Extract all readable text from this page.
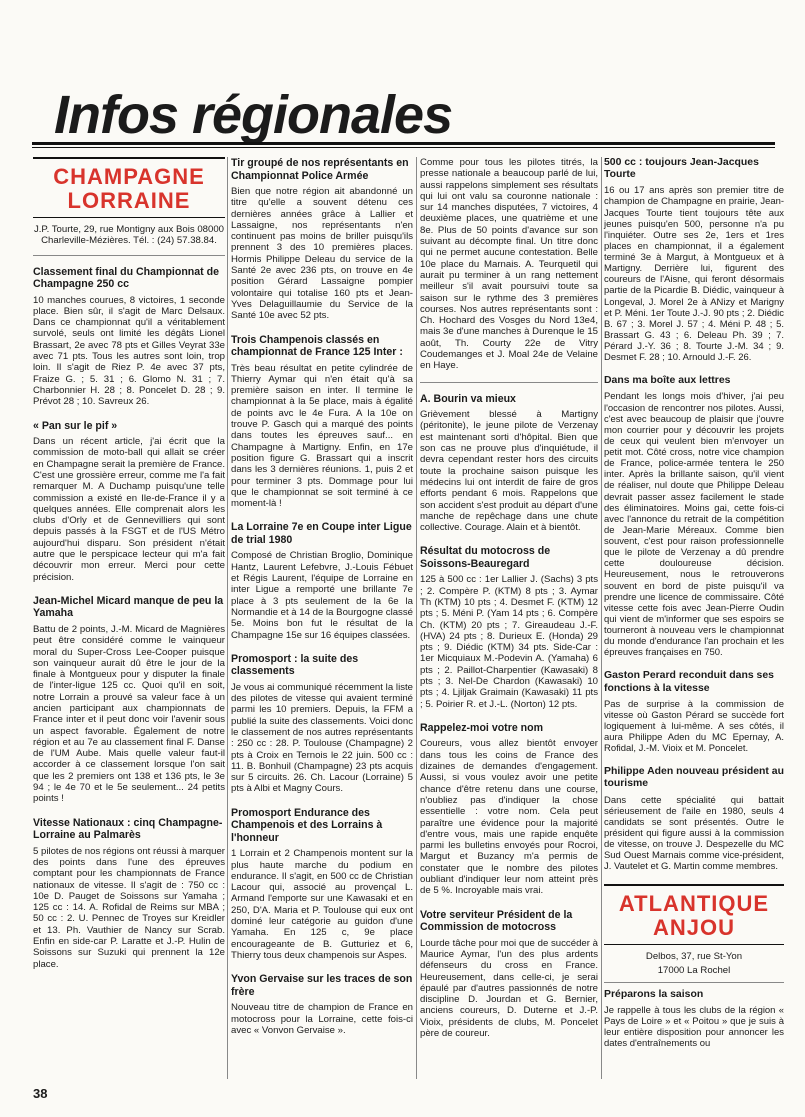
Infos régionales
CHAMPAGNE
LORRAINE
J.P. Tourte, 29, rue Montigny aux Bois 08000 Charleville-Mézières. Tél. : (24) 57.38.84.
Classement final du Championnat de Champagne 250 cc

10 manches courues, 8 victoires, 1 seconde place. Bien sûr, il s'agit de Marc Delsaux. Dans ce championnat qu'il a véritablement survolé, seuls ont limité les dégâts Lionel Brassart, 2e avec 78 pts et Gilles Veyrat 33e avec 71 pts. Tous les autres sont loin, trop loin. Il s'agit de Riez P. 4e avec 37 pts, Fraize G. ; 5. 31 ; 6. Glomo N. 31 ; 7. Charbonnier H. 28 ; 8. Poncelet D. 28 ; 9. Prévot 28 ; 10. Savreux 26.

« Pan sur le pif »

Dans un récent article, j'ai écrit que la commission de moto-ball qui allait se créer en Champagne serait la première de France. C'est une grossière erreur, comme me l'a fait remarquer M. A Duchamp puisqu'une telle commission a existé en Ile-de-France il y a quelques années. Elle comprenait alors les clubs d'Orly et de Gennevilliers qui sont depuis passés à la FSGT et de l'US Métro aujourd'hui disparu. Son président n'était autre que le perspicace lecteur qui m'a fait découvrir mon erreur. Merci pour cette précision.

Jean-Michel Micard manque de peu la Yamaha

Battu de 2 points, J.-M. Micard de Magnières peut être considéré comme le vainqueur moral du Super-Cross Lee-Cooper puisque son vainqueur aurait dû être le jour de la finale à Montgueux pour y disputer la finale de l'inter-ligue 125 cc. Quoi qu'il en soit, notre Lorrain a prouvé sa valeur face à un ancien participant aux championnats de France inter et il peut donc voir l'avenir sous un aspect favorable. Également de notre région et au 7e au classement final F. Danse de l'UM Aube. Mais quelle valeur faut-il accorder à ce classement lorsque l'on sait que les 2 premiers ont 138 et 136 pts, le 3e 94 ; le 4e 70 et le 5e seulement... 24 petits points !

Vitesse Nationaux : cinq Champagne-Lorraine au Palmarès

5 pilotes de nos régions ont réussi à marquer des points dans l'une des épreuves comptant pour les championnats de France nationaux de vitesse. Il s'agit de : 750 cc : 10e D. Pauget de Soissons sur Yamaha ; 125 cc : 14. A. Rofidal de Reims sur MBA ; 50 cc : 2. U. Pennec de Troyes sur Kreidler et 13. Ph. Vauthier de Nancy sur Scrab. Enfin en side-car P. Laratte et J.-P. Hulin de Soissons sur Suzuki qui prennent la 12e place.

Tir groupé de nos représentants en Championnat Police Armée

Bien que notre région ait abandonné un titre qu'elle a souvent détenu ces dernières années grâce à Lallier et Lassaigne, nos représentants n'en continuent pas moins de briller puisqu'ils prennent 3 des 10 premières places. Hormis Philippe Deleau du service de la Santé 2e avec 236 pts, on trouve en 4e position Gérard Lassaigne pompier volontaire qui totalise 160 pts et Jean-Yves Delaguillaumie du Service de la Santé 10e avec 52 pts.

Trois Champenois classés en championnat de France 125 Inter :

Très beau résultat en petite cylindrée de Thierry Aymar qui n'en était qu'à sa première saison en inter. Il termine le championnat à la 5e place, mais à égalité de points avc le 4e Fura. A la 10e on trouve P. Gasch qui a marqué des points dans toutes les épreuves sauf... en Champagne à Martigny. Enfin, en 17e position figure G. Brassart qui a inscrit dans les 3 dernières réunions. 1, puis 2 et pour terminer 3 pts. Dommage pour lui que le championnat se soit terminé à ce moment-là !

La Lorraine 7e en Coupe inter Ligue de trial 1980

Composé de Christian Broglio, Dominique Hantz, Laurent Lefebvre, J.-Louis Fébuet et Régis Laurent, l'équipe de Lorraine en inter Ligue a remporté une brillante 7e place à 3 pts seulement de la 6e la Normandie et à 14 de la Bourgogne classé 5e. Moins bon fut le résultat de la Champagne 15e sur 16 équipes classées.

Promosport : la suite des classements

Je vous ai communiqué récemment la liste des pilotes de vitesse qui avaient terminé parmi les 10 premiers. Depuis, la FFM a publié la suite des classements. Voici donc le classement de nos autres représentants : 250 cc : 28. P. Toulouse (Champagne) 2 pts à Croix en Ternois le 22 juin. 500 cc : 11. B. Bonhuil (Champagne) 23 pts acquis sur 5 circuits. 26. Ch. Lacour (Lorraine) 5 pts à Albi et Magny Cours.

Promosport Endurance des Champenois et des Lorrains à l'honneur

1 Lorrain et 2 Champenois montent sur la plus haute marche du podium en endurance. Il s'agit, en 500 cc de Christian Lacour qui, associé au provençal L. Armand l'emporte sur une Kawasaki et en 250, D'A. Maria et P. Toulouse qui eux ont dominé leur catégorie au guidon d'une Yamaha. En 125 c, 9e place encourageante de B. Gutturiez et 6, Thierry tous deux champenois sur Aspes.

Yvon Gervaise sur les traces de son frère

Nouveau titre de champion de France en motocross pour la Lorraine, cette fois-ci avec « Vonvon Gervaise ».

Comme pour tous les pilotes titrés, la presse nationale a beaucoup parlé de lui, aussi rappelons simplement ses résultats qui lui ont valu sa couronne nationale : sur 14 manches disputées, 7 victoires, 4 deuxième places, une quatrième et une 8e. Plus de 50 points d'avance sur son suivant au décompte final. Un titre donc qui ne permet aucune contestation. Belle 10e place du Marnais. A. Teurquetil qui aurait pu terminer à un rang nettement meilleur s'il avait poursuivi toute sa saison sur le rythme des 3 premières courses. Nos autres représentants sont : Ch. Hochard des Vosges du Nord 13e4, mais 3e d'une manches à Durenque le 15 août, Th. Courty 22e de Vitry Coudemanges et J. Moal 24e de Velaine en Haye.

A. Bourin va mieux

Grièvement blessé à Martigny (péritonite), le jeune pilote de Verzenay est maintenant sorti d'hôpital. Bien que son cas ne prouve plus d'inquiétude, il devra cependant rester hors des circuits toute la prochaine saison puisque les médecins lui ont interdit de faire de gros efforts pendant 6 mois. Rappelons que son accident s'est produit au départ d'une manche de repêchage dans une chute collective. Courage. Alain et à bientôt.

Résultat du motocross de Soissons-Beauregard

125 à 500 cc : 1er Lallier J. (Sachs) 3 pts ; 2. Compère P. (KTM) 8 pts ; 3. Aymar Th (KTM) 10 pts ; 4. Desmet F. (KTM) 12 pts ; 5. Méni P. (Yam 14 pts ; 6. Compère Ch. (KTM) 20 pts ; 7. Gireaudeau J.-F. (HVA) 24 pts ; 8. Durieux E. (Honda) 29 pts ; 9. Diédic (KTM) 34 pts. Side-Car : 1er Micquiaux M.-Podevin A. (Yamaha) 6 pts ; 2. Paillot-Charpentier (Kawasaki) 8 pts ; 3. Nel-De Chardon (Kawasaki) 10 pts ; 4. Ljiljak Graimain (Kawasaki) 11 pts ; 5. Poirier R. et J.-L. (Norton) 12 pts.

Rappelez-moi votre nom

Coureurs, vous allez bientôt envoyer dans tous les coins de France des dizaines de demandes d'engagement. Aussi, si vous voulez avoir une petite chance d'être retenu dans une course, n'oubliez pas d'indiquer la chose essentielle : votre nom. Cela peut paraître une évidence pour la majorité d'entre vous, mais une rapide enquête parmi les bulletins envoyés pour Rocroi, Margut et Buzancy m'a permis de constater que le nombre des pilotes oubliant d'indiquer leur nom atteint près de 5 %. Incroyable mais vrai.

Votre serviteur Président de la Commission de motocross

Lourde tâche pour moi que de succéder à Maurice Aymar, l'un des plus ardents défenseurs du cross en France. Heureusement, dans celle-ci, je serai épaulé par d'autres passionnés de notre discipline D. Jourdan et G. Bernier, anciens coureurs, D. Duterne et J.-P. Vioix, présidents de clubs, M. Poncelet père de coureur.

500 cc : toujours Jean-Jacques Tourte

16 ou 17 ans après son premier titre de champion de Champagne en prairie, Jean-Jacques Tourte tient toujours tête aux jeunes puisqu'en 500, personne n'a pu l'inquiéter. Outre ses 2e, 1ers et 1res places en championnat, il a également terminé 3e à Margut, à Montgueux et à Martigny. Derrière lui, figurent des coureurs de l'Aisne, qui feront désormais partie de la Picardie B. Diédic, vainqueur à Longeval, J. Morel 2e à ANizy et Marigny et P. Méni. 1er Toute J.-J. 90 pts ; 2. Diédic B. 67 ; 3. Morel J. 57 ; 4. Méni P. 48 ; 5. Brassart G. 43 ; 6. Deleau Ph. 39 ; 7. Pérard J.-Y. 36 ; 8. Tourte J.-M. 34 ; 9. Desmet F. 28 ; 10. Arnould J.-F. 26.

Dans ma boîte aux lettres

Pendant les longs mois d'hiver, j'ai peu l'occasion de rencontrer nos pilotes. Aussi, c'est avec beaucoup de plaisir que j'ouvre mon courrier pour y découvrir les projets de ceux qui veulent bien m'envoyer un petit mot. Côté cross, notre vice champion de France, police-armée tentera le 250 inter. Après la brillante saison, qu'il vient de réaliser, nul doute que Philippe Deleau devrait passer assez facilement le stade des éliminatoires. Moins gai, cette fois-ci avec l'annonce du retrait de la compétition de Jean-Marie Méreaux. Comme bien souvent, c'est pour raison professionnelle que le pilote de Verzenay a dû prendre cette douloureuse décision. Heureusement, nous le retrouverons souvent en bord de piste puisqu'il va prendre une licence de commissaire. Côté vitesse cette fois avec Jean-Pierre Oudin qui vient de m'informer que ses espoirs se tourneront à nouveau vers le championnat du monde d'endurance l'an prochain et les épreuves françaises en 750.

Gaston Perard reconduit dans ses fonctions à la vitesse

Pas de surprise à la commission de vitesse où Gaston Pérard se succède fort logiquement à lui-même. A ses côtés, il aura Philippe Aden du MC Epernay, A. Rofidal, J.-M. Vioix et M. Poncelet.

Philippe Aden nouveau président au tourisme

Dans cette spécialité qui battait sérieusement de l'aile en 1980, seuls 4 candidats se sont présentés. Outre le président qui figure aussi à la commission de vitesse, on trouve J. Despezelle du MC Sud Ouest Marnais comme vice-président, J. Vautelet et G. Martin comme membres.

ATLANTIQUE
ANJOU
Delbos, 37, rue St-Yon
17000 La Rochel
Préparons la saison

Je rappelle à tous les clubs de la région « Pays de Loire » et « Poitou » que je suis à leur entière disposition pour annoncer les dates d'entraînements ou

38
